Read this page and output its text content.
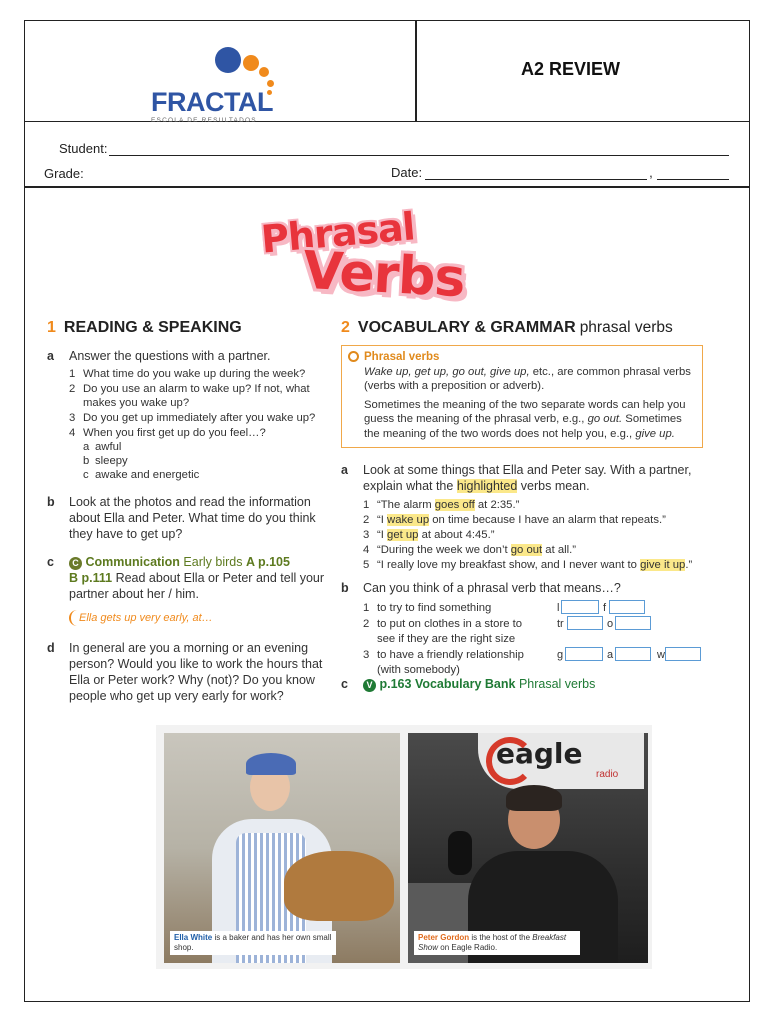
FRACTAL
ESCOLA DE RESULTADOS
A2 REVIEW
Student:
Grade:	Date:	,
Phrasal
Verbs
1 READING & SPEAKING
a Answer the questions with a partner.
1 What time do you wake up during the week?
2 Do you use an alarm to wake up? If not, what makes you wake up?
3 Do you get up immediately after you wake up?
4 When you first get up do you feel…?
a awful
b sleepy
c awake and energetic
b Look at the photos and read the information about Ella and Peter. What time do you think they have to get up?
c C Communication Early birds A p.105
B p.111 Read about Ella or Peter and tell your partner about her / him.
Ella gets up very early, at…
d In general are you a morning or an evening person? Would you like to work the hours that Ella or Peter work? Why (not)? Do you know people who get up very early for work?
2 VOCABULARY & GRAMMAR phrasal verbs
Phrasal verbs

Wake up, get up, go out, give up, etc., are common phrasal verbs (verbs with a preposition or adverb).

Sometimes the meaning of the two separate words can help you guess the meaning of the phrasal verb, e.g., go out. Sometimes the meaning of the two words does not help you, e.g., give up.

a Look at some things that Ella and Peter say. With a partner, explain what the highlighted verbs mean.
1 “The alarm goes off at 2:35.”
2 “I wake up on time because I have an alarm that repeats.”
3 “I get up at about 4:45.”
4 “During the week we don’t go out at all.”
5 “I really love my breakfast show, and I never want to give it up.”
b Can you think of a phrasal verb that means…?
1 to try to find something	l	f
2 to put on clothes in a store to	tr	o
see if they are the right size
3 to have a friendly relationship	g	a	w
(with somebody)
c V p.163 Vocabulary Bank Phrasal verbs
Ella White is a baker and has her own small shop.
eagle
radio
Peter Gordon is the host of the Breakfast Show on Eagle Radio.
